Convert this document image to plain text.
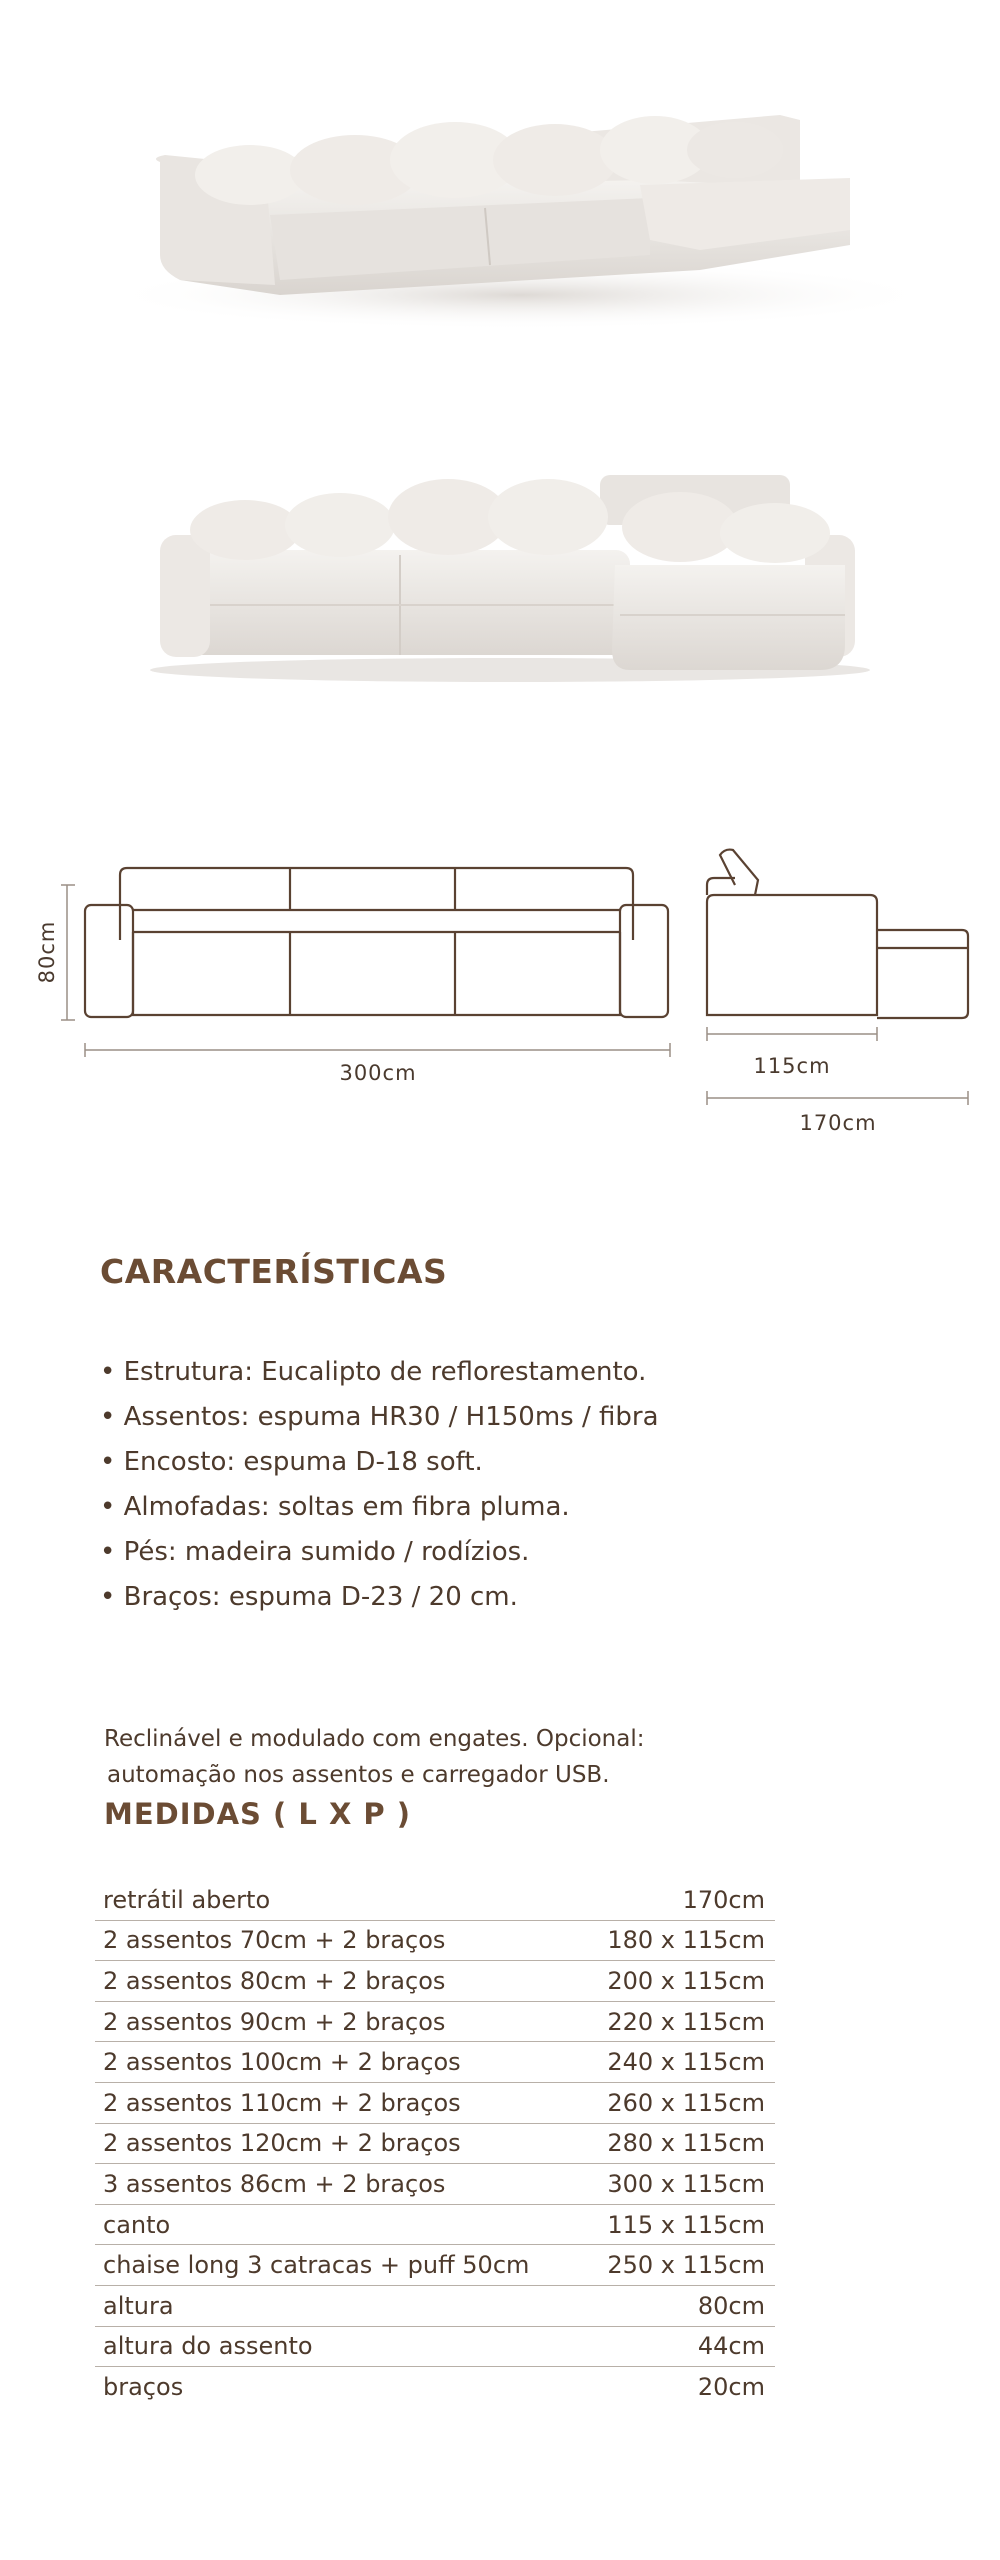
80cm
300cm	115cm
170cm
CARACTERÍSTICAS
• Estrutura: Eucalipto de reflorestamento.
• Assentos: espuma HR30 / H150ms / fibra
• Encosto: espuma D-18 soft.
• Almofadas: soltas em fibra pluma.
• Pés: madeira sumido / rodízios.
• Braços: espuma D-23 / 20 cm.
Reclinável e modulado com engates. Opcional:
automação nos assentos e carregador USB.
MEDIDAS ( L X P )
retrátil aberto	170cm
2 assentos 70cm + 2 braços	180 x 115cm
2 assentos 80cm + 2 braços	200 x 115cm
2 assentos 90cm + 2 braços	220 x 115cm
2 assentos 100cm + 2 braços	240 x 115cm
2 assentos 110cm + 2 braços	260 x 115cm
2 assentos 120cm + 2 braços	280 x 115cm
3 assentos 86cm + 2 braços	300 x 115cm
canto	115 x 115cm
chaise long 3 catracas + puff 50cm	250 x 115cm
altura	80cm
altura do assento	44cm
braços	20cm
